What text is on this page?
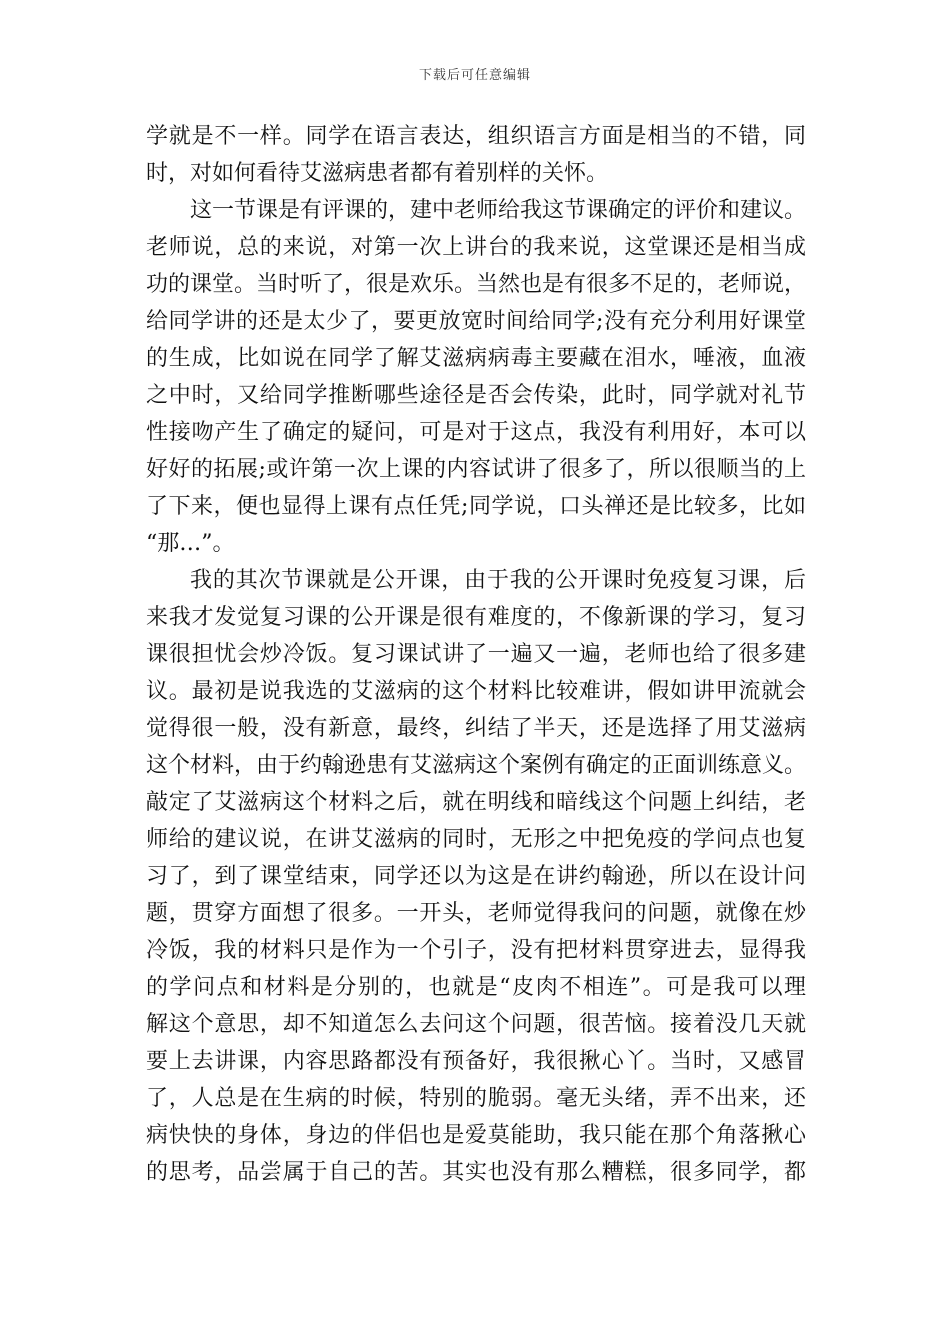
下载后可任意编辑
学就是不一样。同学在语言表达，组织语言方面是相当的不错，同
时，对如何看待艾滋病患者都有着别样的关怀。
这一节课是有评课的，建中老师给我这节课确定的评价和建议。
老师说，总的来说，对第一次上讲台的我来说，这堂课还是相当成
功的课堂。当时听了，很是欢乐。当然也是有很多不足的，老师说，
给同学讲的还是太少了，要更放宽时间给同学;没有充分利用好课堂
的生成，比如说在同学了解艾滋病病毒主要藏在泪水，唾液，血液
之中时，又给同学推断哪些途径是否会传染，此时，同学就对礼节
性接吻产生了确定的疑问，可是对于这点，我没有利用好，本可以
好好的拓展;或许第一次上课的内容试讲了很多了，所以很顺当的上
了下来，便也显得上课有点任凭;同学说，口头禅还是比较多，比如
“那…”。
我的其次节课就是公开课，由于我的公开课时免疫复习课，后
来我才发觉复习课的公开课是很有难度的，不像新课的学习，复习
课很担忧会炒冷饭。复习课试讲了一遍又一遍，老师也给了很多建
议。最初是说我选的艾滋病的这个材料比较难讲，假如讲甲流就会
觉得很一般，没有新意，最终，纠结了半天，还是选择了用艾滋病
这个材料，由于约翰逊患有艾滋病这个案例有确定的正面训练意义。
敲定了艾滋病这个材料之后，就在明线和暗线这个问题上纠结，老
师给的建议说，在讲艾滋病的同时，无形之中把免疫的学问点也复
习了，到了课堂结束，同学还以为这是在讲约翰逊，所以在设计问
题，贯穿方面想了很多。一开头，老师觉得我问的问题，就像在炒
冷饭，我的材料只是作为一个引子，没有把材料贯穿进去，显得我
的学问点和材料是分别的，也就是“皮肉不相连”。可是我可以理
解这个意思，却不知道怎么去问这个问题，很苦恼。接着没几天就
要上去讲课，内容思路都没有预备好，我很揪心丫。当时，又感冒
了，人总是在生病的时候，特别的脆弱。毫无头绪，弄不出来，还
病快快的身体，身边的伴侣也是爱莫能助，我只能在那个角落揪心
的思考，品尝属于自己的苦。其实也没有那么糟糕，很多同学，都
